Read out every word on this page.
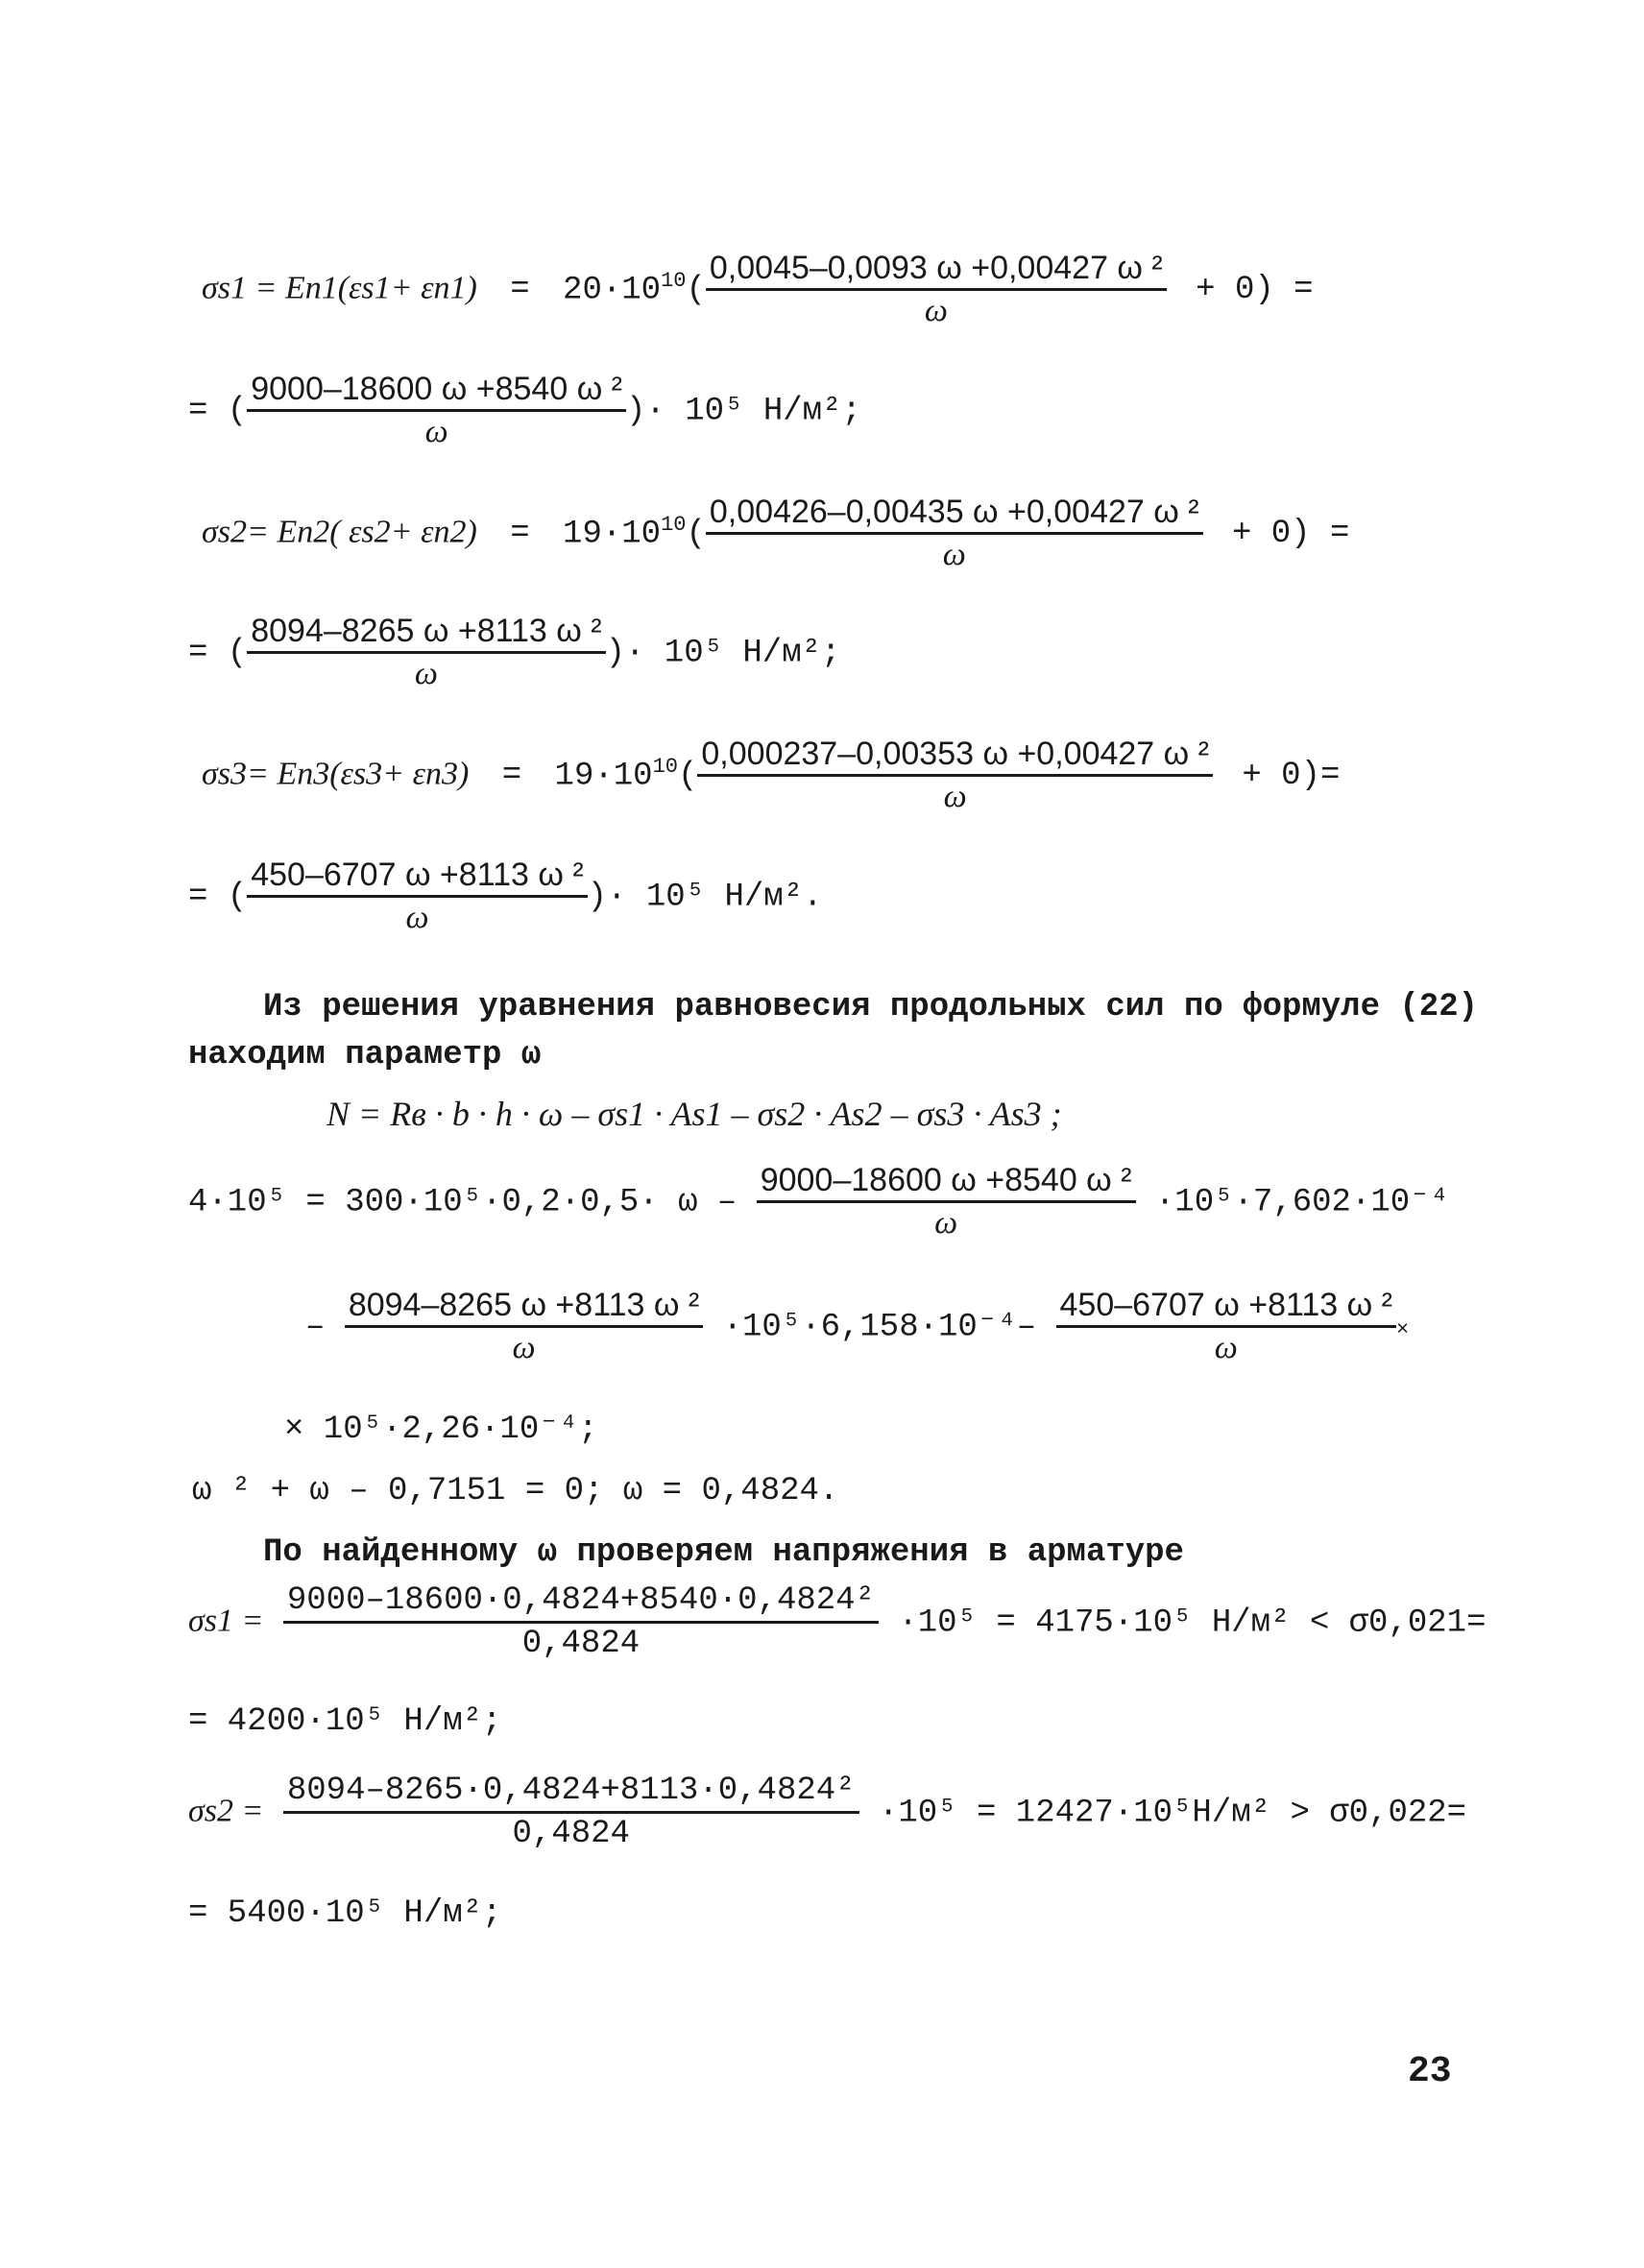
$\sigma s1 = En1(\varepsilon s1+ \varepsilon n1) = 20\cdot 10^{10}( \frac{\text{0,0045–0,0093 ω +0,00427 ω ²}}{\omega} + 0)$ =
= ( $\frac{\text{9000–18600 ω +8540 ω ²}}{\omega}$ )· 10⁵ Н/м²;
σs2= En2( $\varepsilon s2+ \varepsilon n2) = 19\cdot 10^{10}( \frac{\text{0,00426–0,00435 ω +0,00427 ω ²}}{\omega} + 0)$ =
= ( $\frac{\text{8094–8265 ω +8113 ω ²}}{\omega}$ )· 10⁵ Н/м²;
$\sigma s3= En3(\varepsilon s3+ \varepsilon n3) = 19\cdot 10^{10}( \frac{\text{0,000237–0,00353 ω +0,00427 ω ²}}{\omega} + 0)=$
= ( $\frac{\text{450–6707 ω +8113 ω ²}}{\omega}$ )· 10⁵ Н/м².
Из решения уравнения равновесия продольных сил по формуле (22)
находим параметр ω
N = Rв · b · h · ω – σs1 · As1 – σs2 · As2 – σs3 · As3 ;
$4\cdot 10^5 = 300\cdot 10^5\cdot 0,2\cdot 0,5\cdot \omega - \frac{\text{9000–18600 ω +8540 ω ²}}{\omega} \cdot 10^5\cdot 7,602\cdot 10^{-4}$
– $\frac{\text{8094–8265 ω +8113 ω ²}}{\omega} \cdot 10^5\cdot 6,158\cdot 10^{-4}- \frac{\text{450–6707 ω +8113 ω ²}}{\omega}$ ×
× 10⁵·2,26·10⁻⁴;
ω ² + ω – 0,7151 = 0; ω = 0,4824.
По найденному ω проверяем напряжения в арматуре
$\sigma s1 = \frac{\text{9000–18600·0,4824+8540·0,4824²}}{0,4824} \cdot 10^5 = 4175\cdot 10^5$ Н/м² < σ0,021=
= 4200·10⁵ Н/м²;
$\sigma s2 = \frac{\text{8094–8265·0,4824+8113·0,4824²}}{0,4824} \cdot 10^5 = 12427\cdot 10^5Н/м^2 > \sigma 0,022=$
= 5400·10⁵ Н/м²;
23
